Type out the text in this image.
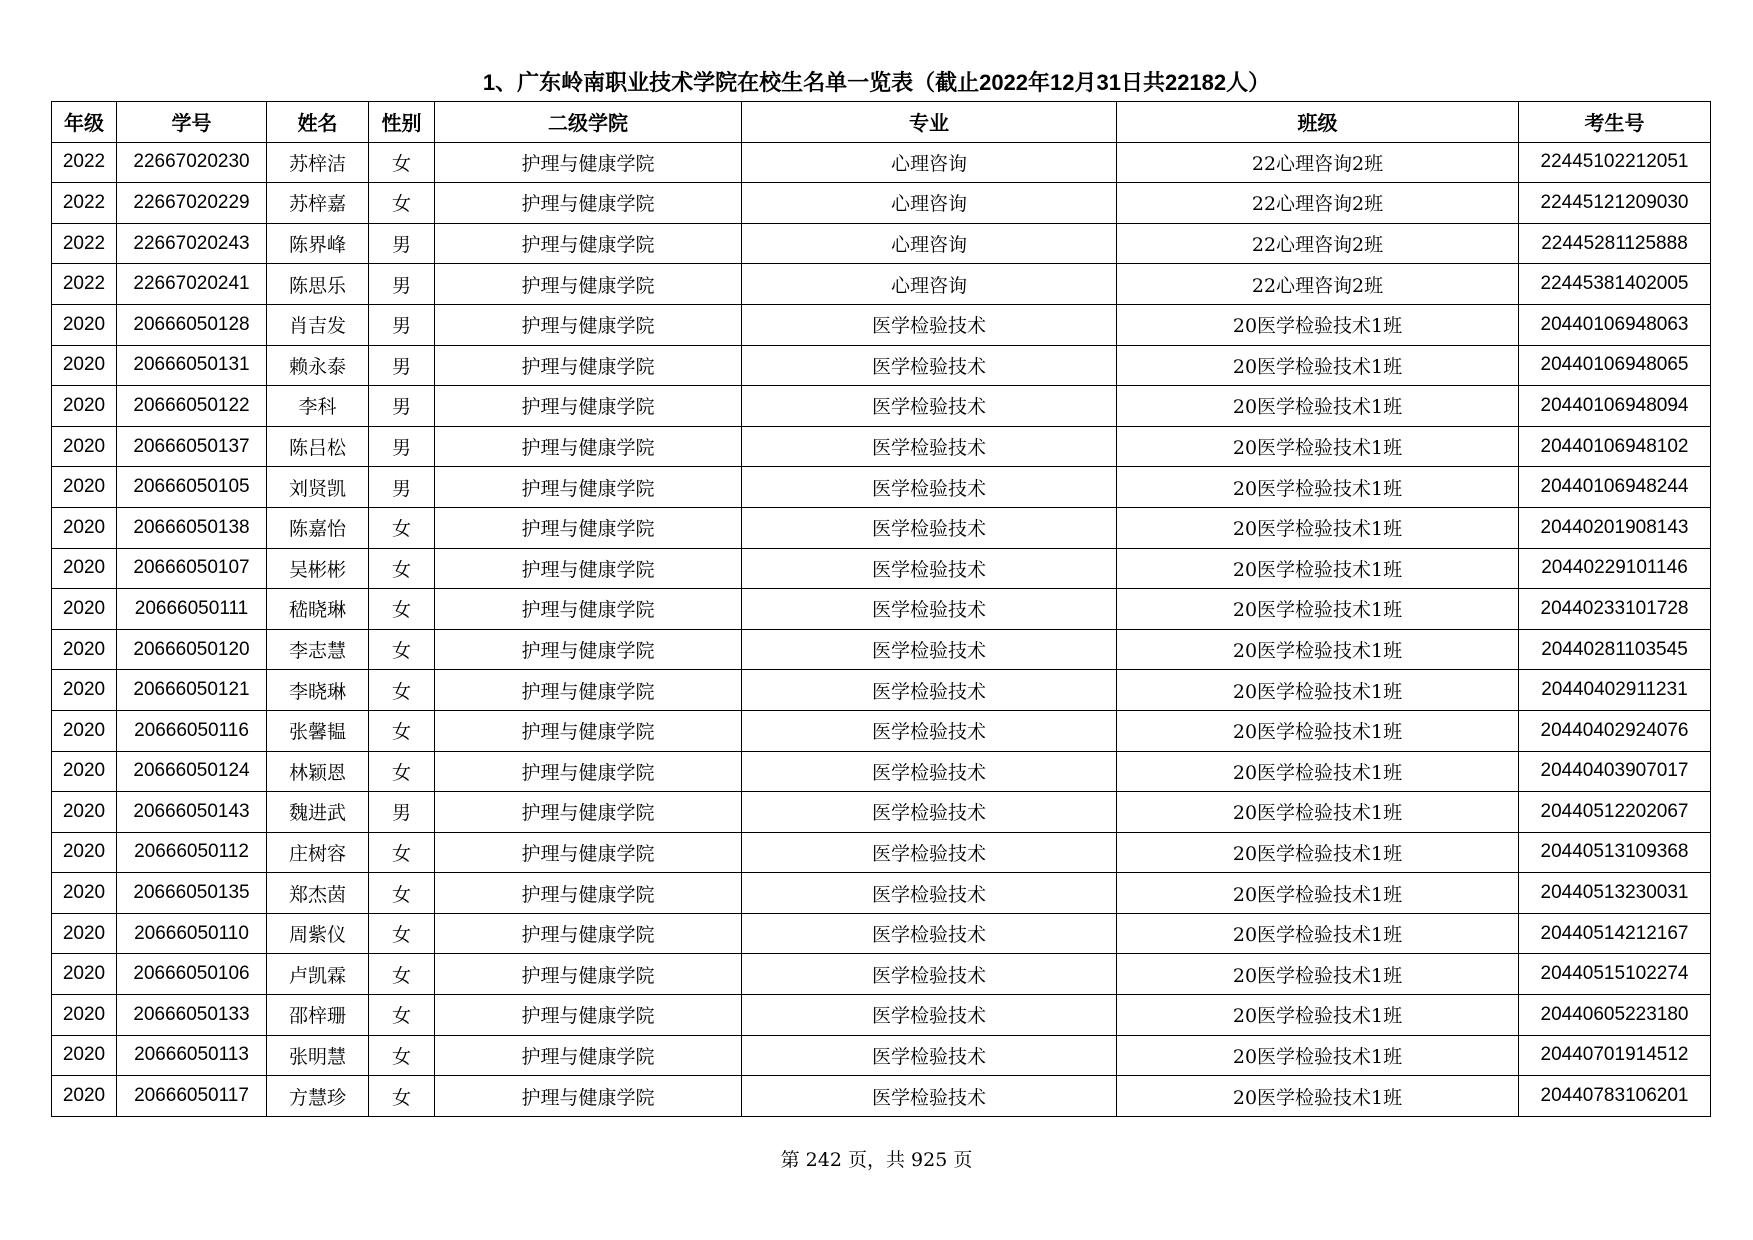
1、广东岭南职业技术学院在校生名单一览表（截止2022年12月31日共22182人）
年级	学号	姓名	性别	二级学院	专业	班级	考生号
2022	22667020230	苏梓洁	女	护理与健康学院	心理咨询	22心理咨询2班	22445102212051
2022	22667020229	苏梓嘉	女	护理与健康学院	心理咨询	22心理咨询2班	22445121209030
2022	22667020243	陈界峰	男	护理与健康学院	心理咨询	22心理咨询2班	22445281125888
2022	22667020241	陈思乐	男	护理与健康学院	心理咨询	22心理咨询2班	22445381402005
2020	20666050128	肖吉发	男	护理与健康学院	医学检验技术	20医学检验技术1班	20440106948063
2020	20666050131	赖永泰	男	护理与健康学院	医学检验技术	20医学检验技术1班	20440106948065
2020	20666050122	李科	男	护理与健康学院	医学检验技术	20医学检验技术1班	20440106948094
2020	20666050137	陈吕松	男	护理与健康学院	医学检验技术	20医学检验技术1班	20440106948102
2020	20666050105	刘贤凯	男	护理与健康学院	医学检验技术	20医学检验技术1班	20440106948244
2020	20666050138	陈嘉怡	女	护理与健康学院	医学检验技术	20医学检验技术1班	20440201908143
2020	20666050107	吴彬彬	女	护理与健康学院	医学检验技术	20医学检验技术1班	20440229101146
2020	20666050111	嵇晓琳	女	护理与健康学院	医学检验技术	20医学检验技术1班	20440233101728
2020	20666050120	李志慧	女	护理与健康学院	医学检验技术	20医学检验技术1班	20440281103545
2020	20666050121	李晓琳	女	护理与健康学院	医学检验技术	20医学检验技术1班	20440402911231
2020	20666050116	张馨韫	女	护理与健康学院	医学检验技术	20医学检验技术1班	20440402924076
2020	20666050124	林颖恩	女	护理与健康学院	医学检验技术	20医学检验技术1班	20440403907017
2020	20666050143	魏进武	男	护理与健康学院	医学检验技术	20医学检验技术1班	20440512202067
2020	20666050112	庄树容	女	护理与健康学院	医学检验技术	20医学检验技术1班	20440513109368
2020	20666050135	郑杰茵	女	护理与健康学院	医学检验技术	20医学检验技术1班	20440513230031
2020	20666050110	周紫仪	女	护理与健康学院	医学检验技术	20医学检验技术1班	20440514212167
2020	20666050106	卢凯霖	女	护理与健康学院	医学检验技术	20医学检验技术1班	20440515102274
2020	20666050133	邵梓珊	女	护理与健康学院	医学检验技术	20医学检验技术1班	20440605223180
2020	20666050113	张明慧	女	护理与健康学院	医学检验技术	20医学检验技术1班	20440701914512
2020	20666050117	方慧珍	女	护理与健康学院	医学检验技术	20医学检验技术1班	20440783106201
第 242 页，共 925 页
